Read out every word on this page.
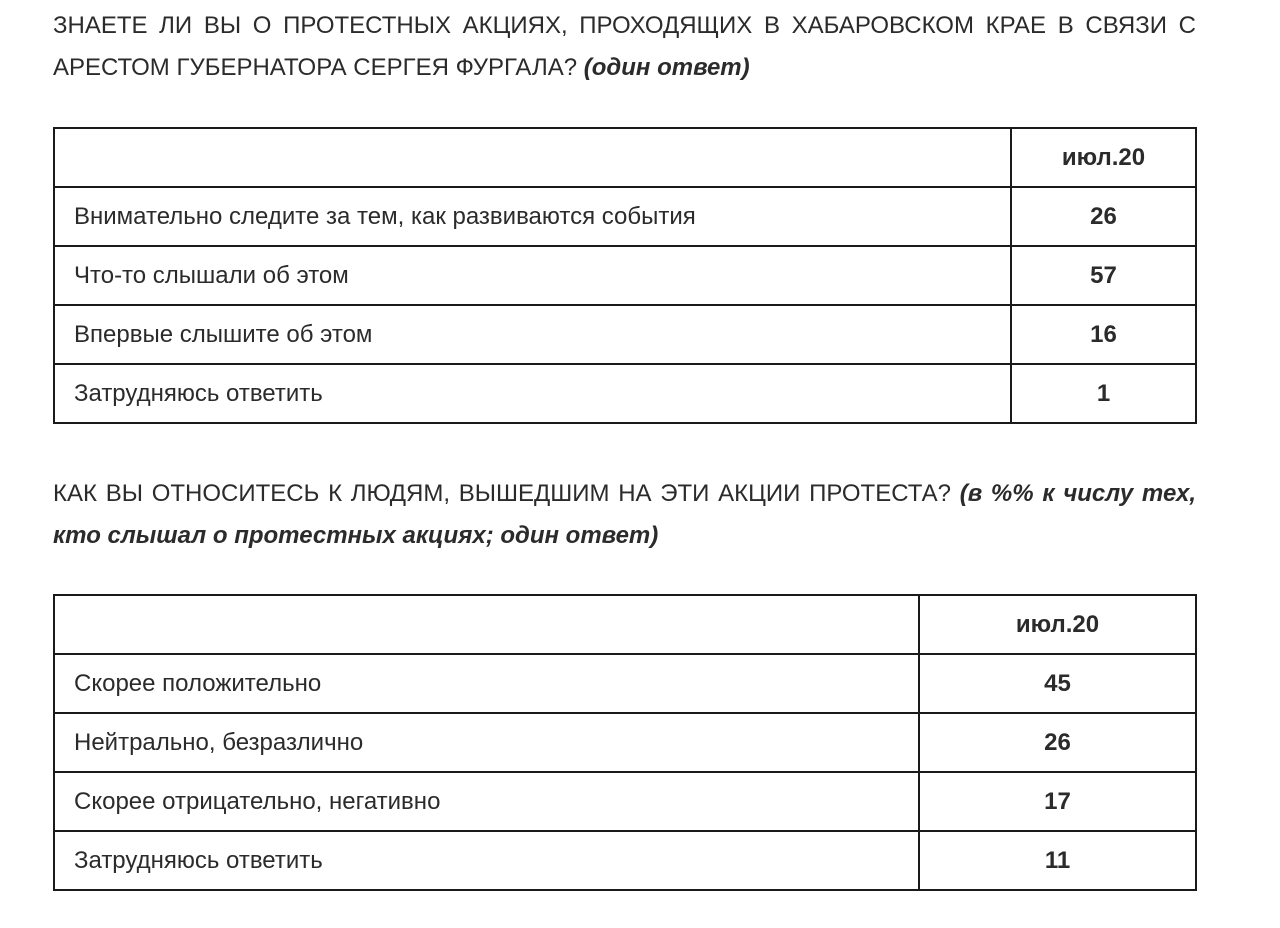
ЗНАЕТЕ ЛИ ВЫ О ПРОТЕСТНЫХ АКЦИЯХ, ПРОХОДЯЩИХ В ХАБАРОВСКОМ КРАЕ В СВЯЗИ С АРЕСТОМ ГУБЕРНАТОРА СЕРГЕЯ ФУРГАЛА? (один ответ)
	июл.20
Внимательно следите за тем, как развиваются события	26
Что-то слышали об этом	57
Впервые слышите об этом	16
Затрудняюсь ответить	1
КАК ВЫ ОТНОСИТЕСЬ К ЛЮДЯМ, ВЫШЕДШИМ НА ЭТИ АКЦИИ ПРОТЕСТА? (в %% к числу тех, кто слышал о протестных акциях; один ответ)
	июл.20
Скорее положительно	45
Нейтрально, безразлично	26
Скорее отрицательно, негативно	17
Затрудняюсь ответить	11
